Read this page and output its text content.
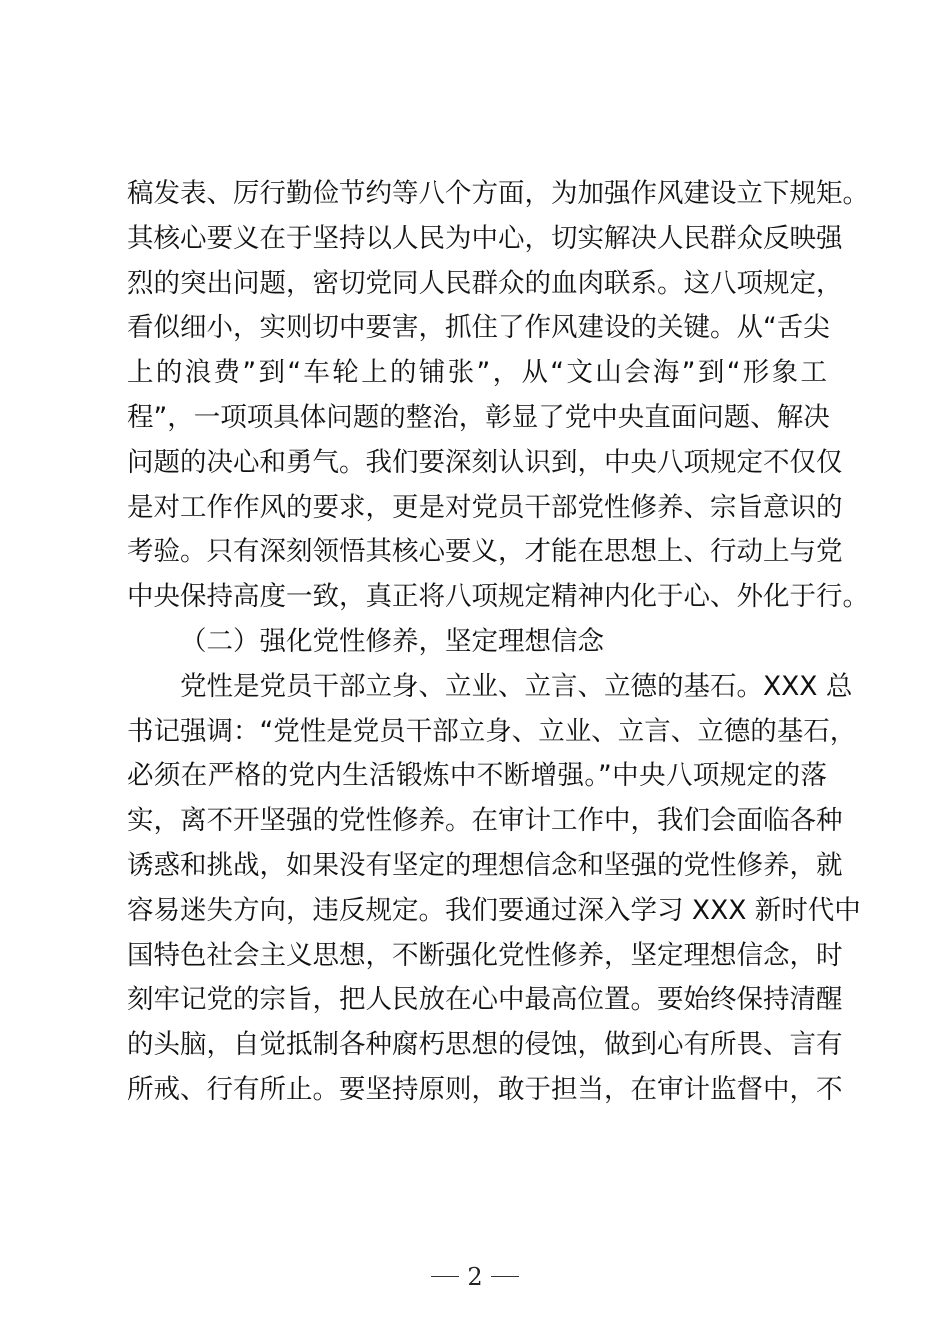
稿发表、厉行勤俭节约等八个方面，为加强作风建设立下规矩。
其核心要义在于坚持以人民为中心，切实解决人民群众反映强
烈的突出问题，密切党同人民群众的血肉联系。这八项规定，
看似细小，实则切中要害，抓住了作风建设的关键。从“舌尖
上的浪费”到“车轮上的铺张”，从“文山会海”到“形象工
程”，一项项具体问题的整治，彰显了党中央直面问题、解决
问题的决心和勇气。我们要深刻认识到，中央八项规定不仅仅
是对工作作风的要求，更是对党员干部党性修养、宗旨意识的
考验。只有深刻领悟其核心要义，才能在思想上、行动上与党
中央保持高度一致，真正将八项规定精神内化于心、外化于行。
（二）强化党性修养，坚定理想信念
党性是党员干部立身、立业、立言、立德的基石。XXX 总
书记强调：“党性是党员干部立身、立业、立言、立德的基石，
必须在严格的党内生活锻炼中不断增强。”中央八项规定的落
实，离不开坚强的党性修养。在审计工作中，我们会面临各种
诱惑和挑战，如果没有坚定的理想信念和坚强的党性修养，就
容易迷失方向，违反规定。我们要通过深入学习 XXX 新时代中
国特色社会主义思想，不断强化党性修养，坚定理想信念，时
刻牢记党的宗旨，把人民放在心中最高位置。要始终保持清醒
的头脑，自觉抵制各种腐朽思想的侵蚀，做到心有所畏、言有
所戒、行有所止。要坚持原则，敢于担当，在审计监督中，不
2
